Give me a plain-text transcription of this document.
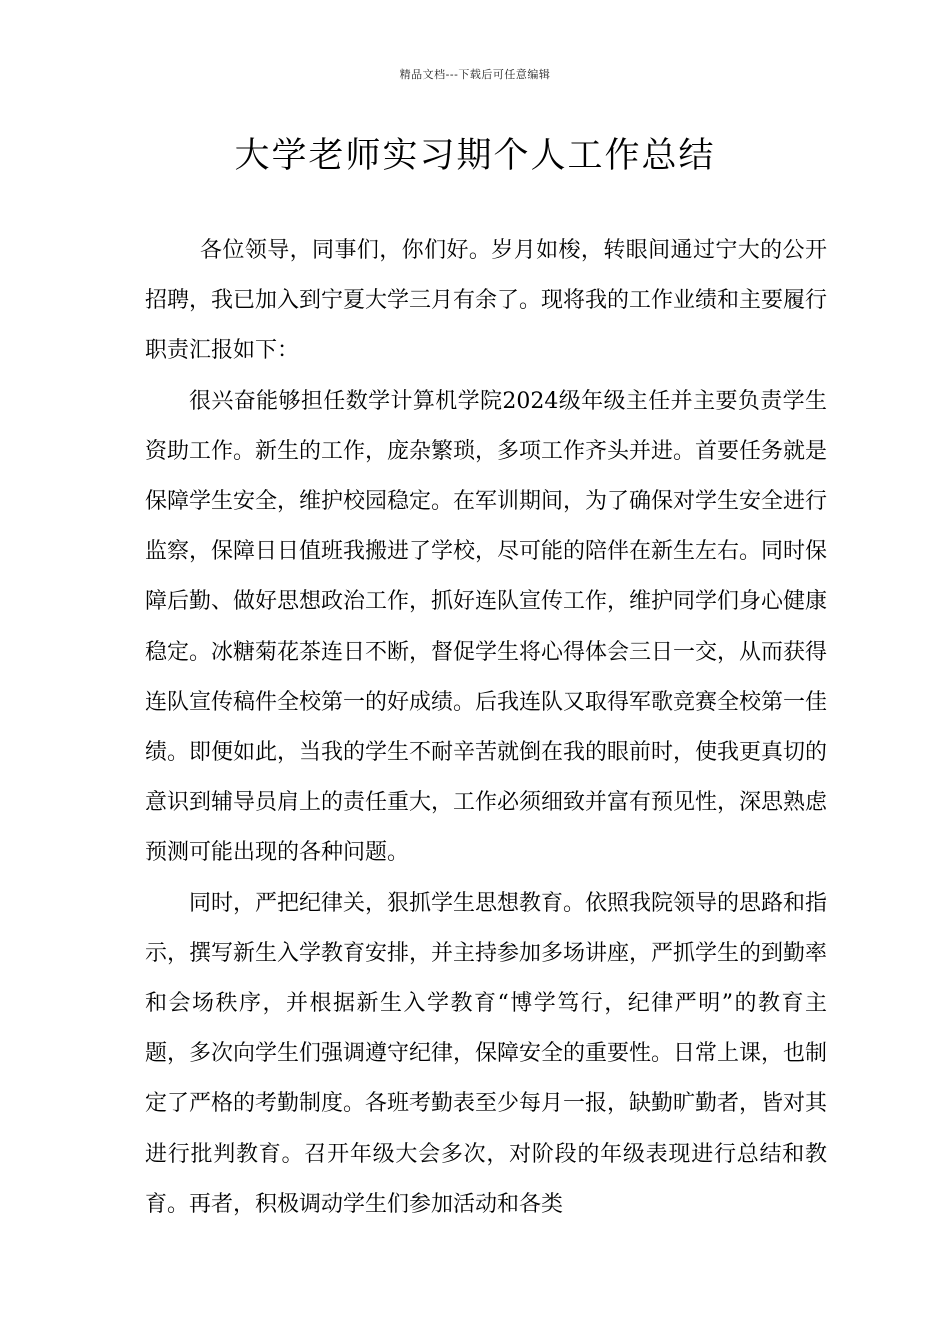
精品文档---下载后可任意编辑
大学老师实习期个人工作总结

各位领导，同事们，你们好。岁月如梭，转眼间通过宁大的公开招聘，我已加入到宁夏大学三月有余了。现将我的工作业绩和主要履行职责汇报如下：

很兴奋能够担任数学计算机学院2024级年级主任并主要负责学生资助工作。新生的工作，庞杂繁琐，多项工作齐头并进。首要任务就是保障学生安全，维护校园稳定。在军训期间，为了确保对学生安全进行监察，保障日日值班我搬进了学校，尽可能的陪伴在新生左右。同时保障后勤、做好思想政治工作，抓好连队宣传工作，维护同学们身心健康稳定。冰糖菊花茶连日不断，督促学生将心得体会三日一交，从而获得连队宣传稿件全校第一的好成绩。后我连队又取得军歌竞赛全校第一佳绩。即便如此，当我的学生不耐辛苦就倒在我的眼前时，使我更真切的意识到辅导员肩上的责任重大，工作必须细致并富有预见性，深思熟虑预测可能出现的各种问题。

同时，严把纪律关，狠抓学生思想教育。依照我院领导的思路和指示，撰写新生入学教育安排，并主持参加多场讲座，严抓学生的到勤率和会场秩序，并根据新生入学教育“博学笃行，纪律严明”的教育主题，多次向学生们强调遵守纪律，保障安全的重要性。日常上课，也制定了严格的考勤制度。各班考勤表至少每月一报，缺勤旷勤者，皆对其进行批判教育。召开年级大会多次，对阶段的年级表现进行总结和教育。再者，积极调动学生们参加活动和各类
